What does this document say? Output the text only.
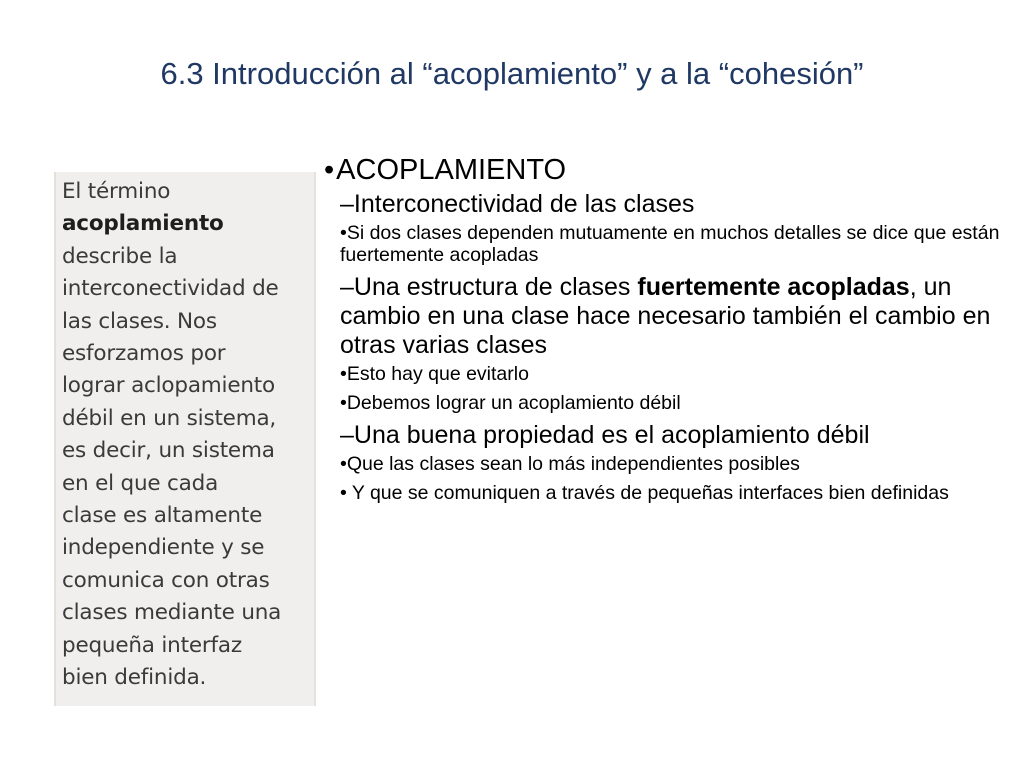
6.3 Introducción al “acoplamiento” y a la “cohesión”
El término
acoplamiento
describe la
interconectividad de
las clases. Nos
esforzamos por
lograr aclopamiento
débil en un sistema,
es decir, un sistema
en el que cada
clase es altamente
independiente y se
comunica con otras
clases mediante una
pequeña interfaz
bien definida.
•ACOPLAMIENTO
–Interconectividad de las clases
•Si dos clases dependen mutuamente en muchos detalles se dice que están fuertemente acopladas
–Una estructura de clases fuertemente acopladas, un cambio en una clase hace necesario también el cambio en otras varias clases
•Esto hay que evitarlo
•Debemos lograr un acoplamiento débil
–Una buena propiedad es el acoplamiento débil
•Que las clases sean lo más independientes posibles
• Y que se comuniquen a través de pequeñas interfaces bien definidas
